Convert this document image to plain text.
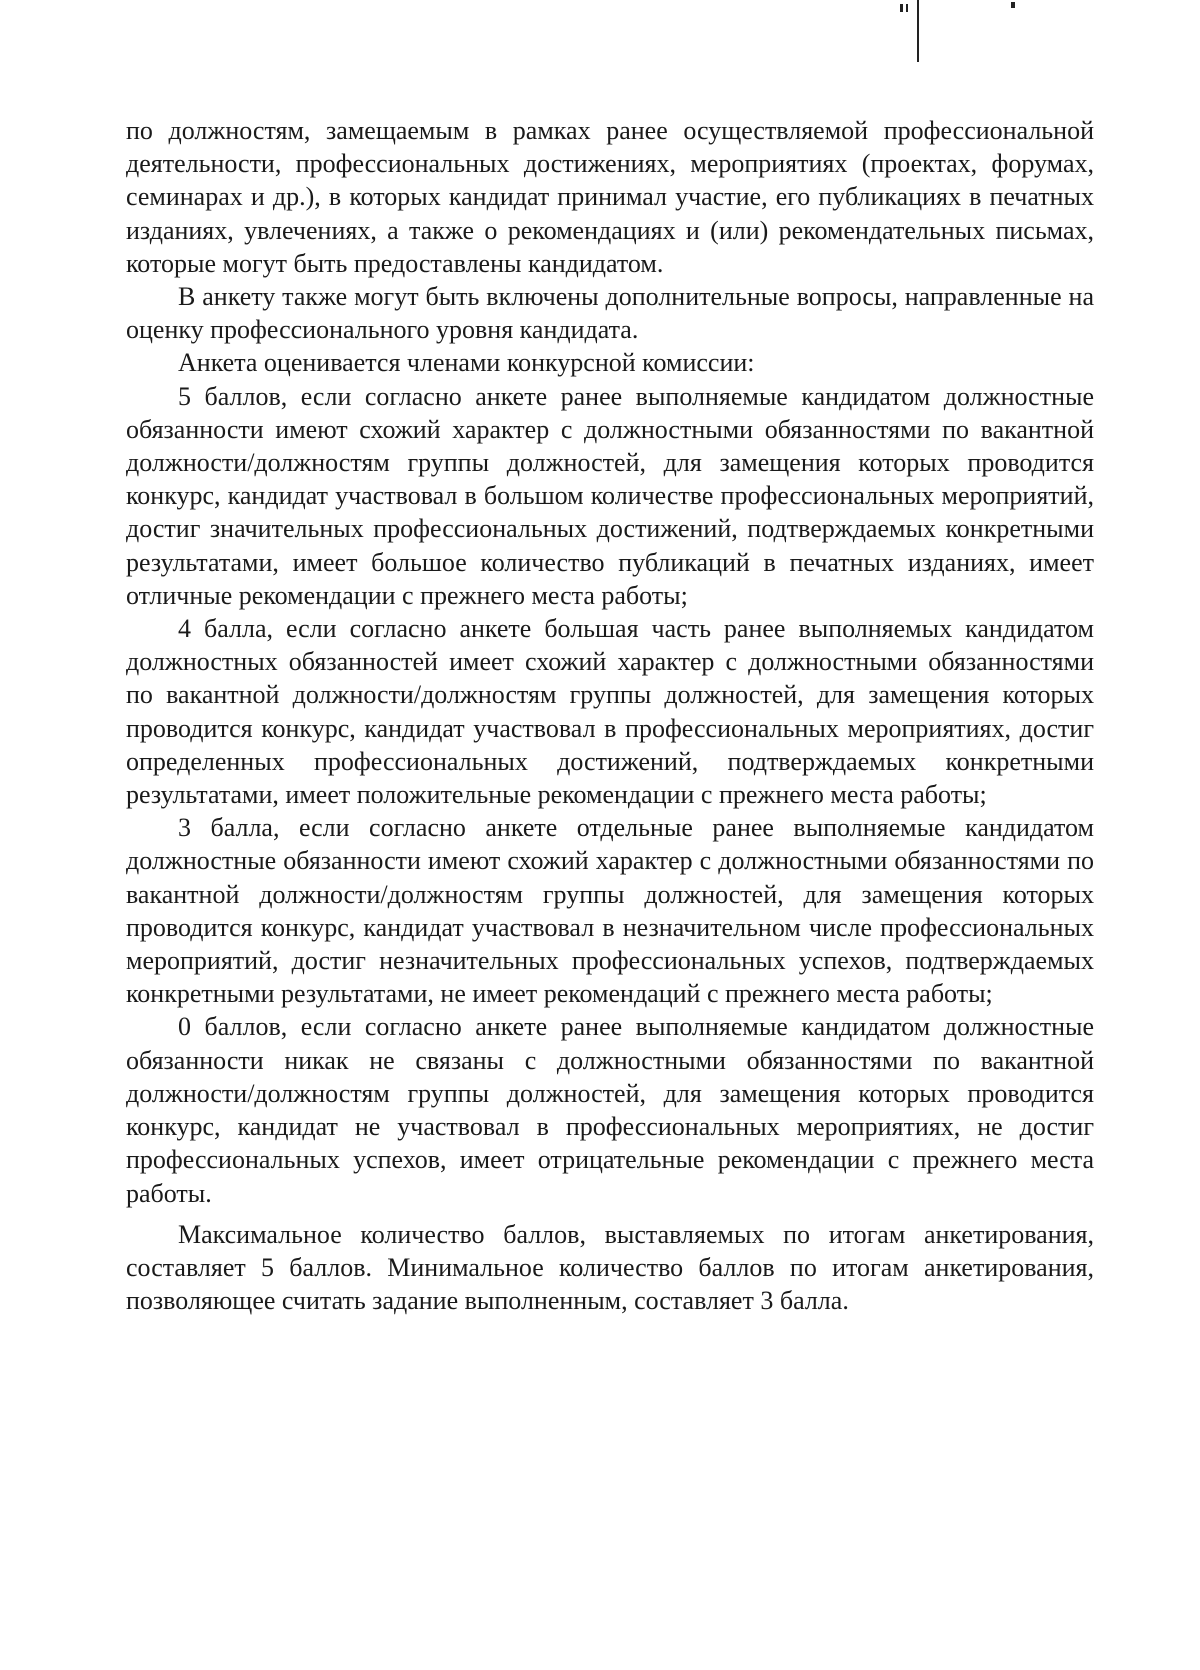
по должностям, замещаемым в рамках ранее осуществляемой профессиональной деятельности, профессиональных достижениях, мероприятиях (проектах, форумах, семинарах и др.), в которых кандидат принимал участие, его публикациях в печатных изданиях, увлечениях, а также о рекомендациях и (или) рекомендательных письмах, которые могут быть предоставлены кандидатом.

В анкету также могут быть включены дополнительные вопросы, направленные на оценку профессионального уровня кандидата.

Анкета оценивается членами конкурсной комиссии:

5 баллов, если согласно анкете ранее выполняемые кандидатом должностные обязанности имеют схожий характер с должностными обязанностями по вакантной должности/должностям группы должностей, для замещения которых проводится конкурс, кандидат участвовал в большом количестве профессиональных мероприятий, достиг значительных профессиональных достижений, подтверждаемых конкретными результатами, имеет большое количество публикаций в печатных изданиях, имеет отличные рекомендации с прежнего места работы;

4 балла, если согласно анкете большая часть ранее выполняемых кандидатом должностных обязанностей имеет схожий характер с должностными обязанностями по вакантной должности/должностям группы должностей, для замещения которых проводится конкурс, кандидат участвовал в профессиональных мероприятиях, достиг определенных профессиональных достижений, подтверждаемых конкретными результатами, имеет положительные рекомендации с прежнего места работы;

3 балла, если согласно анкете отдельные ранее выполняемые кандидатом должностные обязанности имеют схожий характер с должностными обязанностями по вакантной должности/должностям группы должностей, для замещения которых проводится конкурс, кандидат участвовал в незначительном числе профессиональных мероприятий, достиг незначительных профессиональных успехов, подтверждаемых конкретными результатами, не имеет рекомендаций с прежнего места работы;

0 баллов, если согласно анкете ранее выполняемые кандидатом должностные обязанности никак не связаны с должностными обязанностями по вакантной должности/должностям группы должностей, для замещения которых проводится конкурс, кандидат не участвовал в профессиональных мероприятиях, не достиг профессиональных успехов, имеет отрицательные рекомендации с прежнего места работы.

Максимальное количество баллов, выставляемых по итогам анкетирования, составляет 5 баллов. Минимальное количество баллов по итогам анкетирования, позволяющее считать задание выполненным, составляет 3 балла.
